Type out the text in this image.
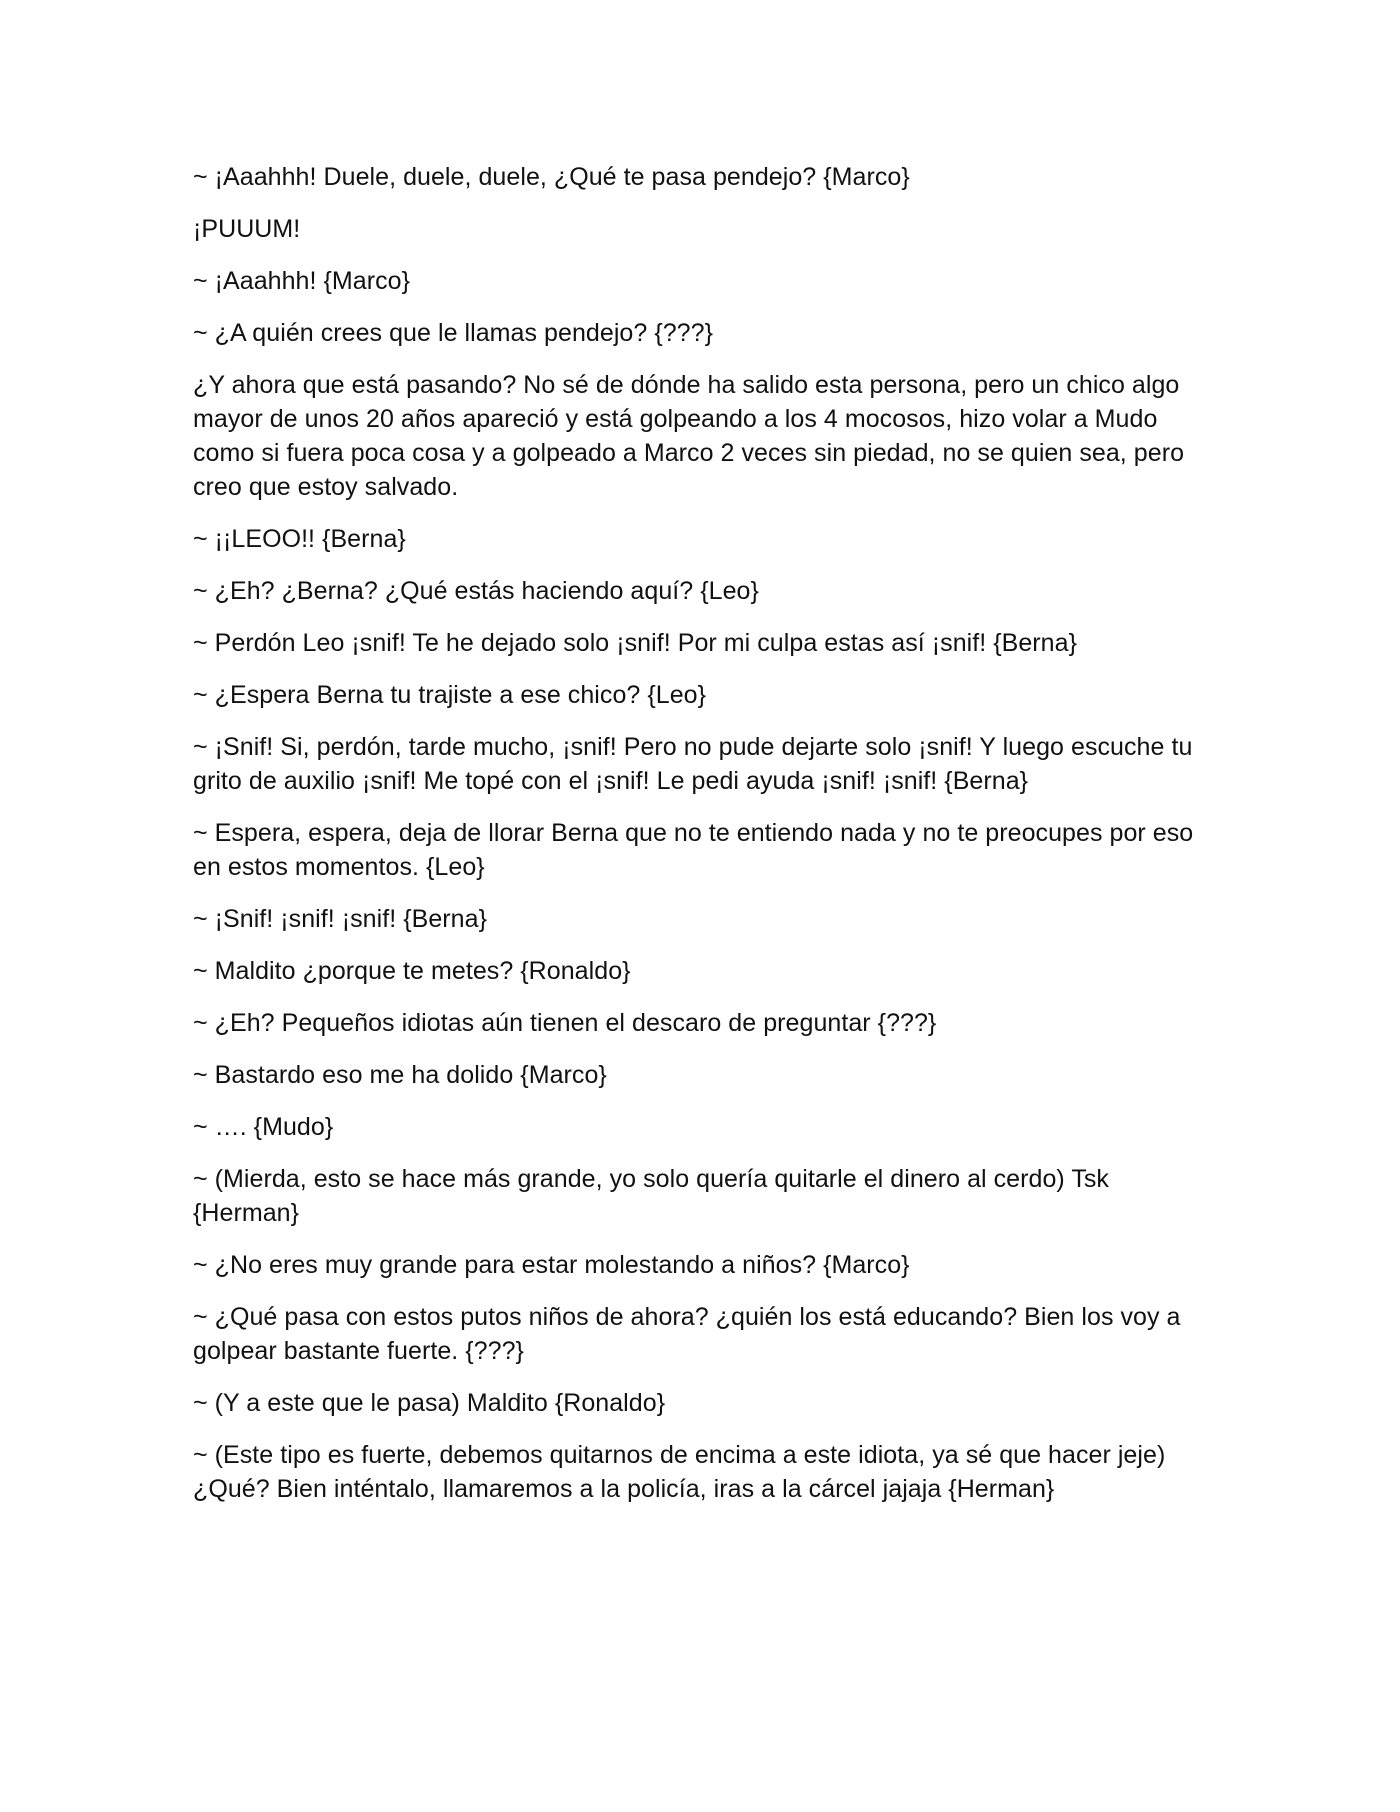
~ ¡Aaahhh! Duele, duele, duele, ¿Qué te pasa pendejo? {Marco}

¡PUUUM!

~ ¡Aaahhh! {Marco}

~ ¿A quién crees que le llamas pendejo? {???}

¿Y ahora que está pasando? No sé de dónde ha salido esta persona, pero un chico algo mayor de unos 20 años apareció y está golpeando a los 4 mocosos, hizo volar a Mudo como si fuera poca cosa y a golpeado a Marco 2 veces sin piedad, no se quien sea, pero creo que estoy salvado.

~ ¡¡LEOO!! {Berna}

~ ¿Eh? ¿Berna? ¿Qué estás haciendo aquí? {Leo}

~ Perdón Leo ¡snif! Te he dejado solo ¡snif! Por mi culpa estas así ¡snif! {Berna}

~ ¿Espera Berna tu trajiste a ese chico? {Leo}

~ ¡Snif! Si, perdón, tarde mucho, ¡snif! Pero no pude dejarte solo ¡snif! Y luego escuche tu grito de auxilio ¡snif! Me topé con el ¡snif! Le pedi ayuda ¡snif! ¡snif! {Berna}

~ Espera, espera, deja de llorar Berna que no te entiendo nada y no te preocupes por eso en estos momentos. {Leo}

~ ¡Snif! ¡snif! ¡snif! {Berna}

~ Maldito ¿porque te metes? {Ronaldo}

~ ¿Eh? Pequeños idiotas aún tienen el descaro de preguntar {???}

~ Bastardo eso me ha dolido {Marco}

~ …. {Mudo}

~ (Mierda, esto se hace más grande, yo solo quería quitarle el dinero al cerdo) Tsk {Herman}

~ ¿No eres muy grande para estar molestando a niños? {Marco}

~ ¿Qué pasa con estos putos niños de ahora? ¿quién los está educando? Bien los voy a golpear bastante fuerte. {???}

~ (Y a este que le pasa) Maldito {Ronaldo}

~ (Este tipo es fuerte, debemos quitarnos de encima a este idiota, ya sé que hacer jeje) ¿Qué? Bien inténtalo, llamaremos a la policía, iras a la cárcel jajaja {Herman}
